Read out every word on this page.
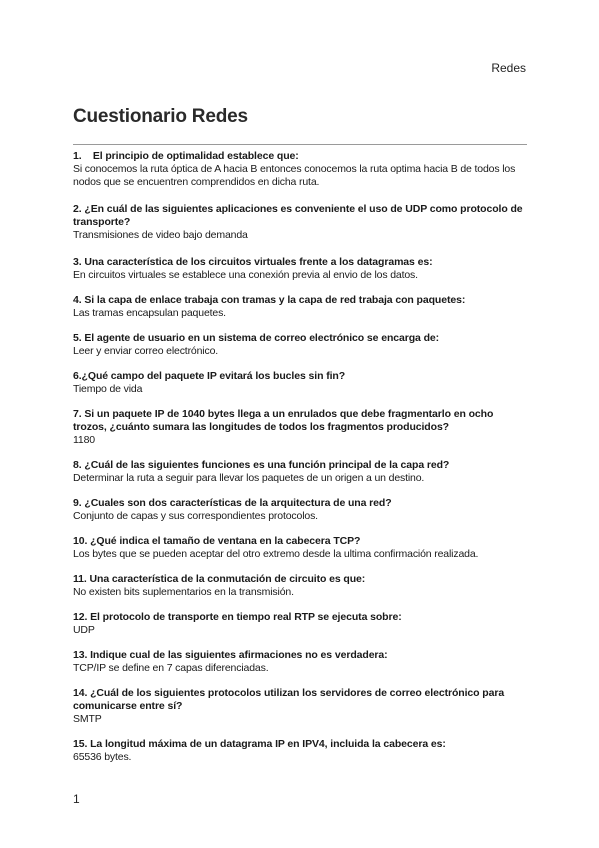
Redes
Cuestionario Redes
1.    El principio de optimalidad establece que:
Si conocemos la ruta óptica de A hacia B entonces conocemos la ruta optima hacia B de todos los nodos que se encuentren comprendidos en dicha ruta.
2. ¿En cuál de las siguientes aplicaciones es conveniente el uso de UDP como protocolo de transporte?
Transmisiones de video bajo demanda
3. Una característica de los circuitos virtuales frente a los datagramas es:
En circuitos virtuales se establece una conexión previa al envio de los datos.
4. Si la capa de enlace trabaja con tramas y la capa de red trabaja con paquetes:
Las tramas encapsulan paquetes.
5. El agente de usuario en un sistema de correo electrónico se encarga de:
Leer y enviar correo electrónico.
6.¿Qué campo del paquete IP evitará los bucles sin fin?
Tiempo de vida
7. Si un paquete IP de 1040 bytes llega a un enrulados que debe fragmentarlo en ocho trozos, ¿cuánto sumara las longitudes de todos los fragmentos producidos?
1180
8. ¿Cuál de las siguientes funciones es una función principal de la capa red?
Determinar la ruta a seguir para llevar los paquetes de un origen a un destino.
9. ¿Cuales son dos características de la arquitectura de una red?
Conjunto de capas y sus correspondientes protocolos.
10. ¿Qué indica el tamaño de ventana en la cabecera TCP?
Los bytes que se pueden aceptar del otro extremo desde la ultima confirmación realizada.
11. Una característica de la conmutación de circuito es que:
No existen bits suplementarios en la transmisión.
12. El protocolo de transporte en tiempo real RTP se ejecuta sobre:
UDP
13. Indique cual de las siguientes afirmaciones no es verdadera:
TCP/IP se define en 7 capas diferenciadas.
14. ¿Cuál de los siguientes protocolos utilizan los servidores de correo electrónico para comunicarse entre sí?
SMTP
15. La longitud máxima de un datagrama IP en IPV4, incluida la cabecera es:
65536 bytes.
1
